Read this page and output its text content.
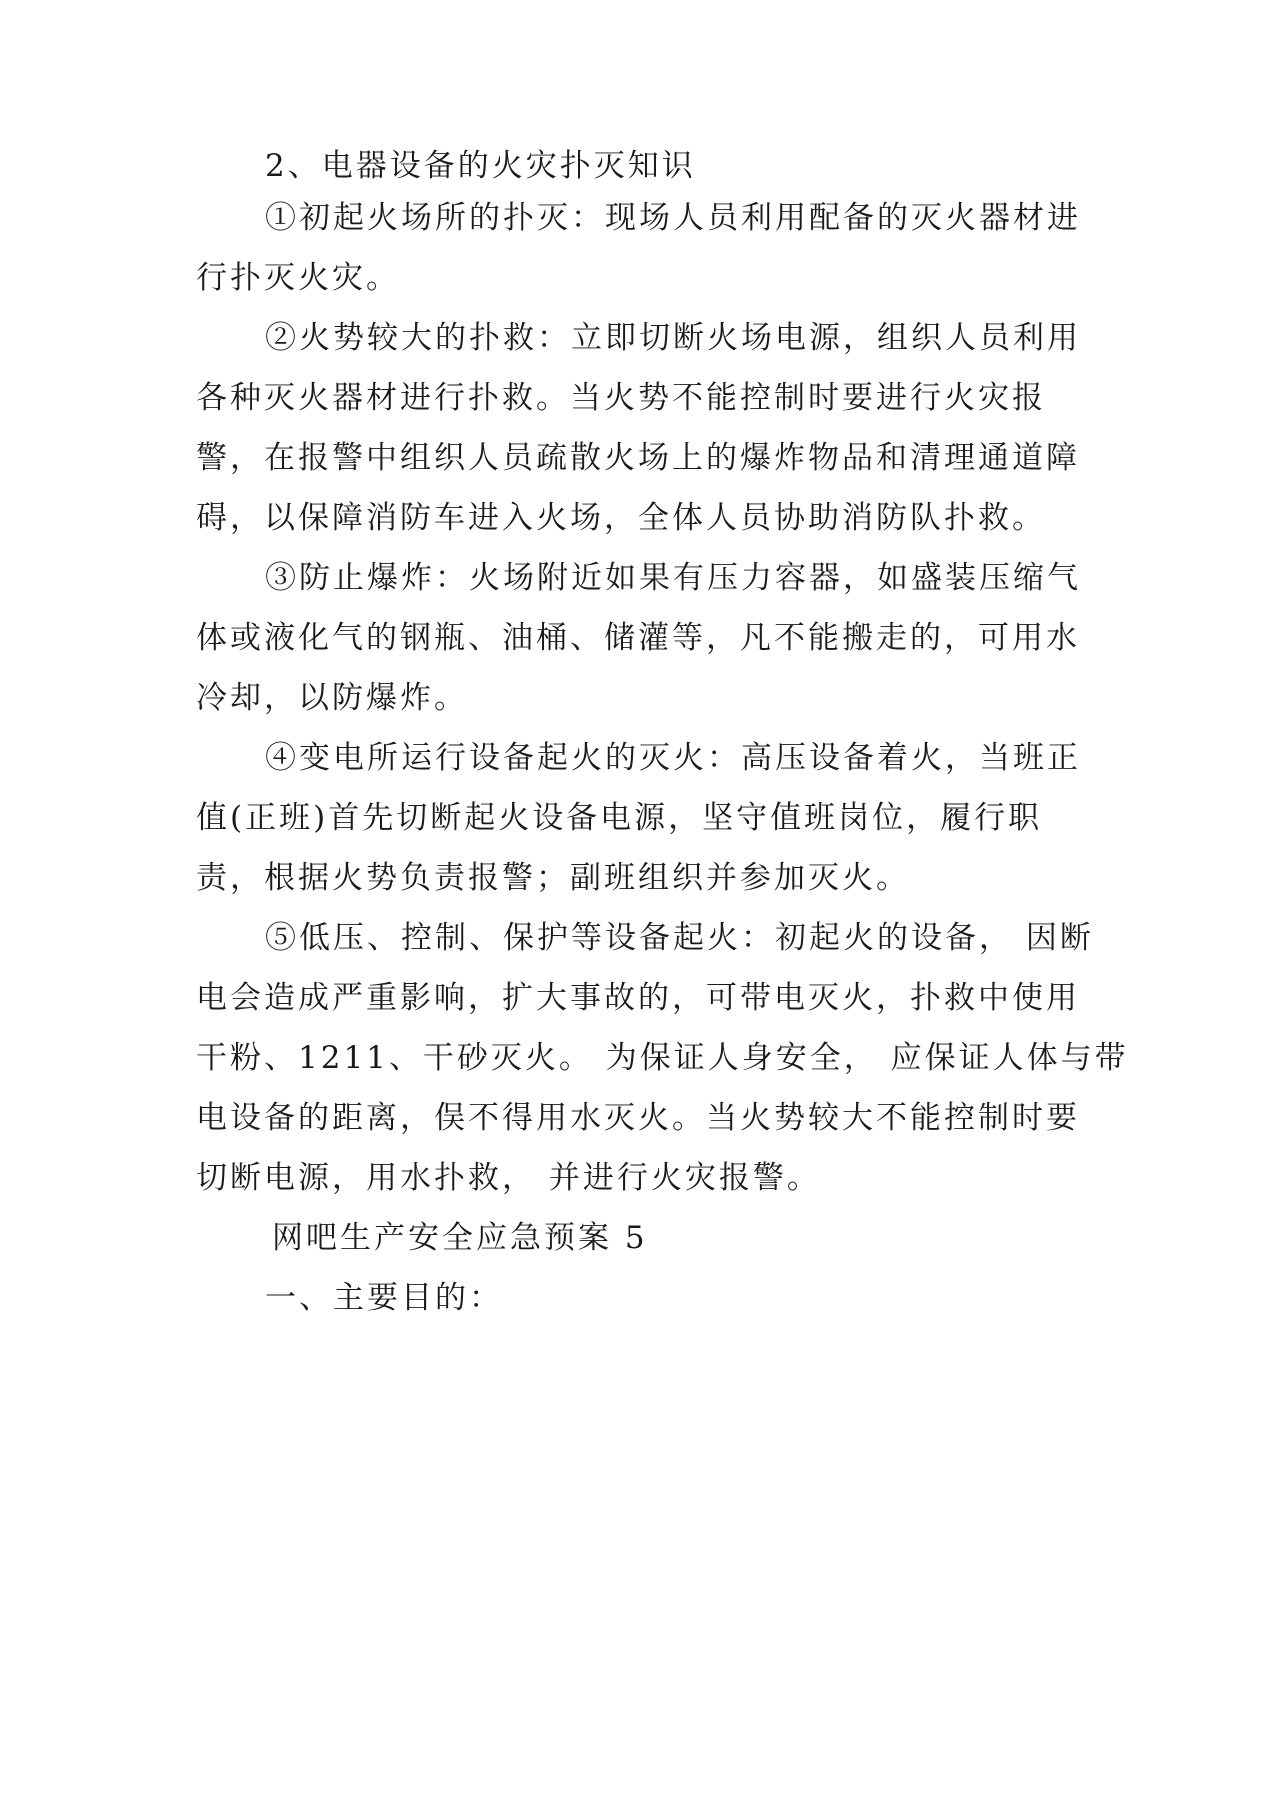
2、电器设备的火灾扑灭知识
①初起火场所的扑灭：现场人员利用配备的灭火器材进
行扑灭火灾。
②火势较大的扑救：立即切断火场电源，组织人员利用
各种灭火器材进行扑救。当火势不能控制时要进行火灾报
警，在报警中组织人员疏散火场上的爆炸物品和清理通道障
碍，以保障消防车进入火场，全体人员协助消防队扑救。
③防止爆炸：火场附近如果有压力容器，如盛装压缩气
体或液化气的钢瓶、油桶、储灌等，凡不能搬走的，可用水
冷却，以防爆炸。
④变电所运行设备起火的灭火：高压设备着火，当班正
值(正班)首先切断起火设备电源，坚守值班岗位，履行职
责，根据火势负责报警；副班组织并参加灭火。
⑤低压、控制、保护等设备起火：初起火的设备， 因断
电会造成严重影响，扩大事故的，可带电灭火，扑救中使用
干粉、1211、干砂灭火。 为保证人身安全， 应保证人体与带
电设备的距离，俣不得用水灭火。当火势较大不能控制时要
切断电源，用水扑救， 并进行火灾报警。
网吧生产安全应急预案 5
一、主要目的：
